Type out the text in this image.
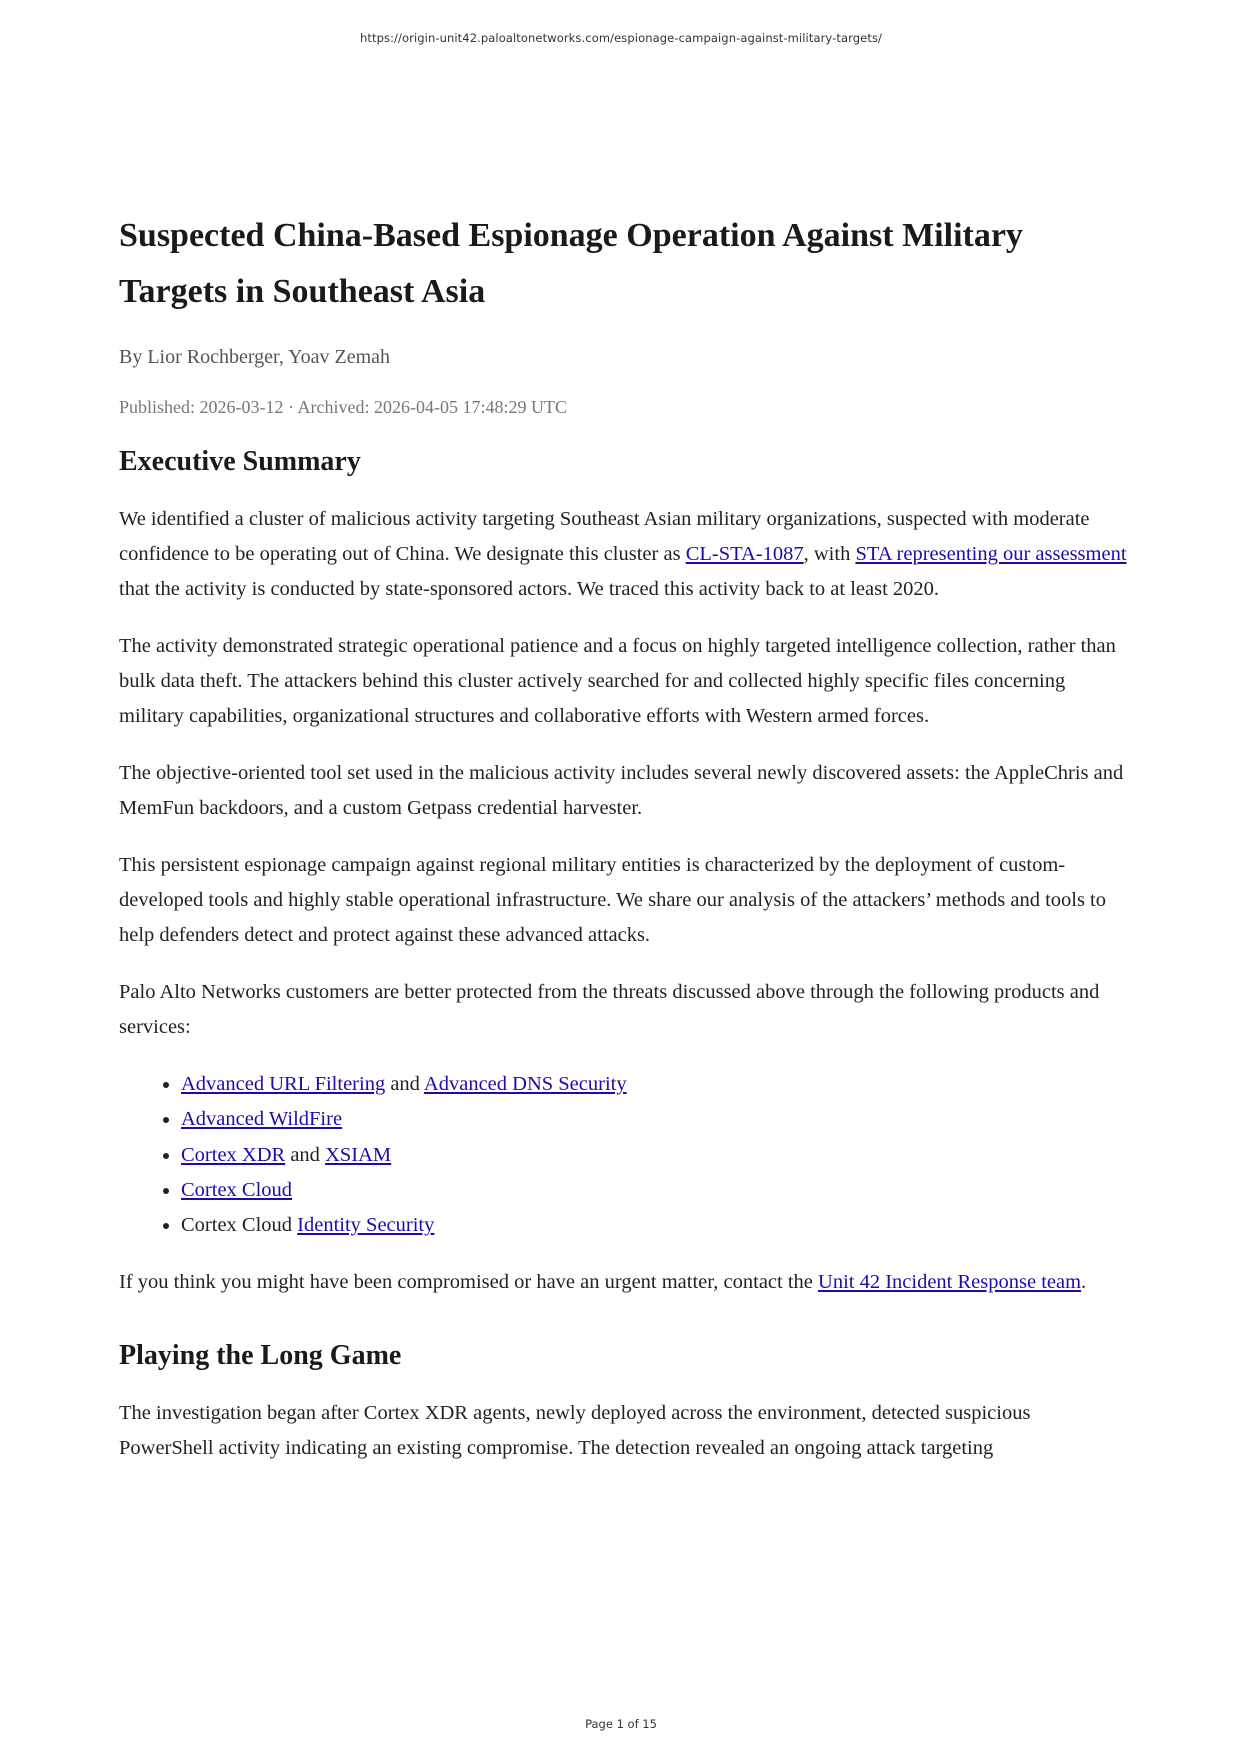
https://origin-unit42.paloaltonetworks.com/espionage-campaign-against-military-targets/
Suspected China-Based Espionage Operation Against Military Targets in Southeast Asia
By Lior Rochberger, Yoav Zemah
Published: 2026-03-12 · Archived: 2026-04-05 17:48:29 UTC
Executive Summary

We identified a cluster of malicious activity targeting Southeast Asian military organizations, suspected with moderate confidence to be operating out of China. We designate this cluster as CL-STA-1087, with STA representing our assessment that the activity is conducted by state-sponsored actors. We traced this activity back to at least 2020.

The activity demonstrated strategic operational patience and a focus on highly targeted intelligence collection, rather than bulk data theft. The attackers behind this cluster actively searched for and collected highly specific files concerning military capabilities, organizational structures and collaborative efforts with Western armed forces.

The objective-oriented tool set used in the malicious activity includes several newly discovered assets: the AppleChris and MemFun backdoors, and a custom Getpass credential harvester.

This persistent espionage campaign against regional military entities is characterized by the deployment of custom-developed tools and highly stable operational infrastructure. We share our analysis of the attackers’ methods and tools to help defenders detect and protect against these advanced attacks.

Palo Alto Networks customers are better protected from the threats discussed above through the following products and services:

• Advanced URL Filtering and Advanced DNS Security
• Advanced WildFire
• Cortex XDR and XSIAM
• Cortex Cloud
• Cortex Cloud Identity Security

If you think you might have been compromised or have an urgent matter, contact the Unit 42 Incident Response team.

Playing the Long Game

The investigation began after Cortex XDR agents, newly deployed across the environment, detected suspicious PowerShell activity indicating an existing compromise. The detection revealed an ongoing attack targeting

Page 1 of 15
